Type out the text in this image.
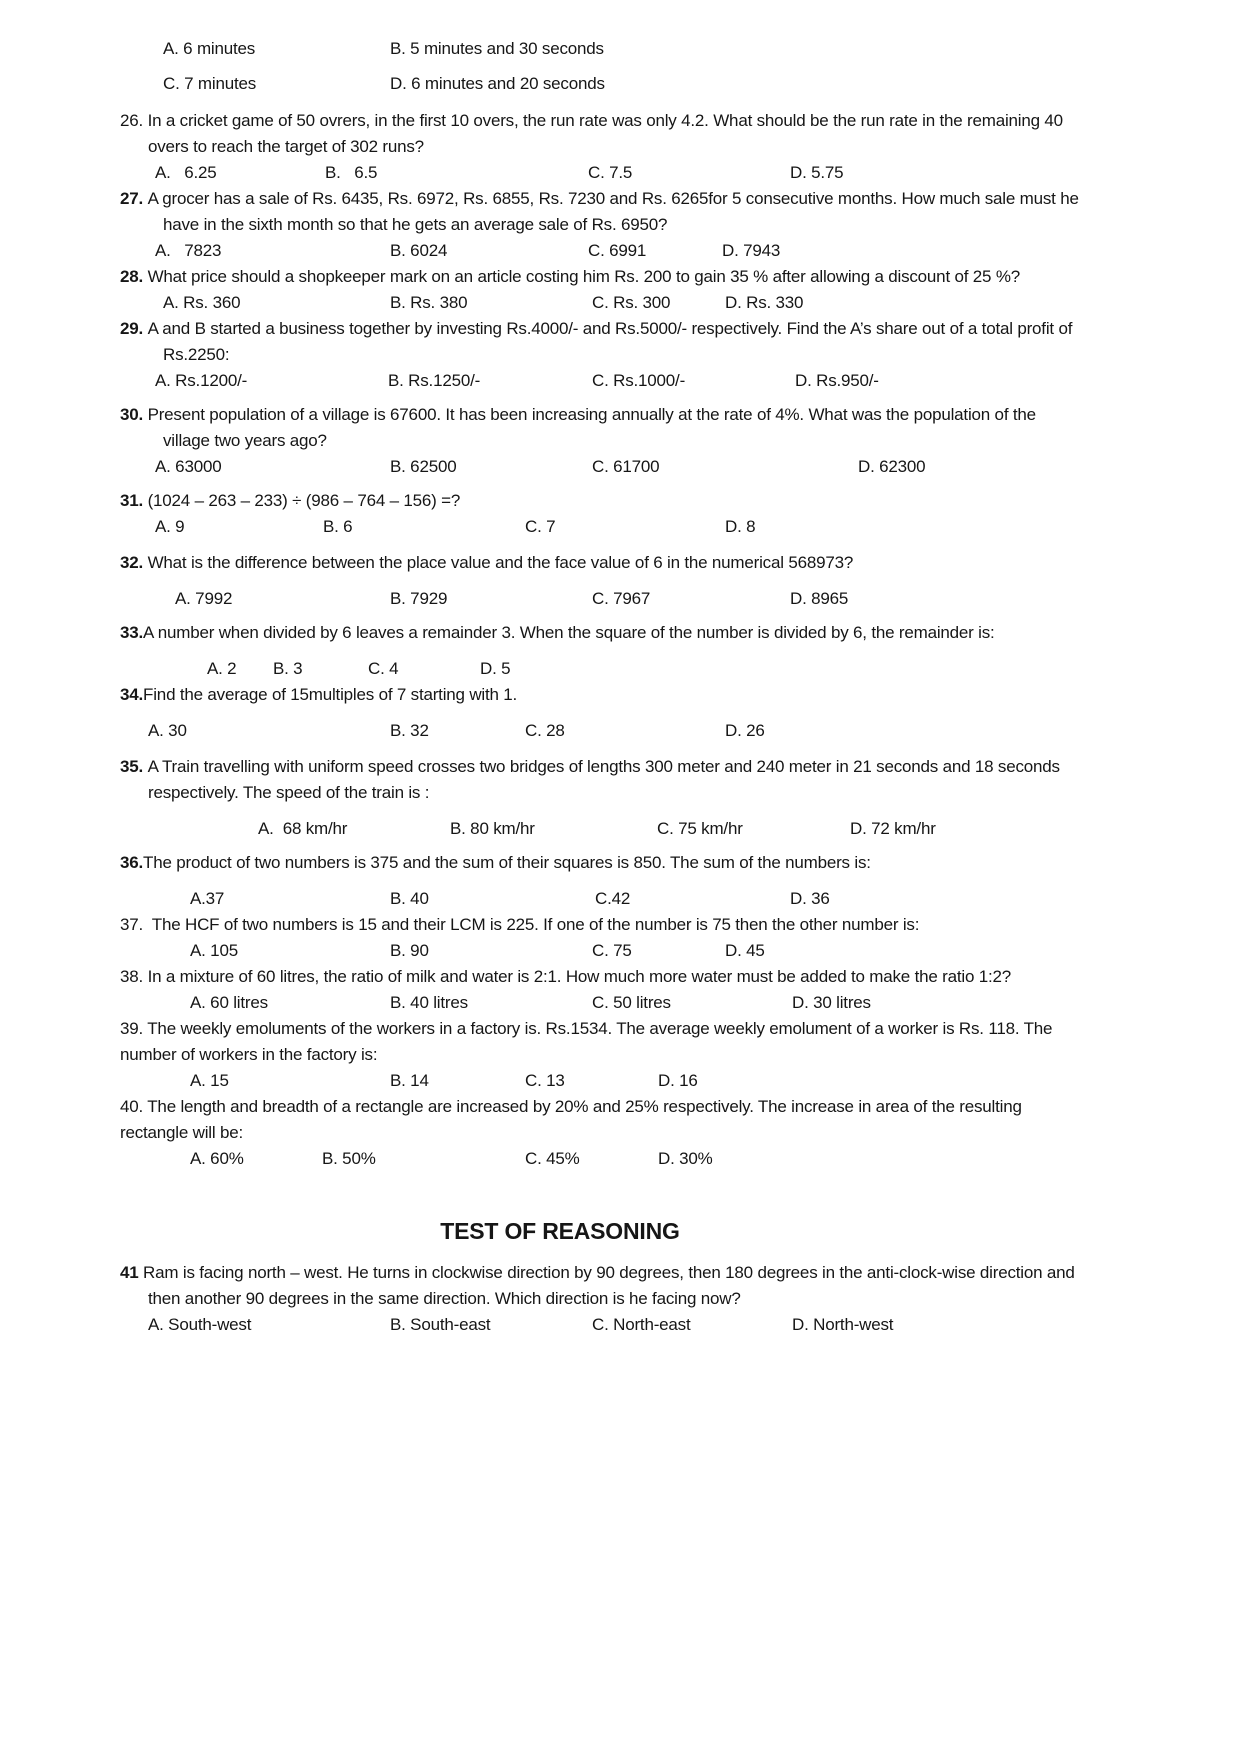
A. 6 minutes	B. 5 minutes and 30 seconds
C. 7 minutes	D. 6 minutes and 20 seconds
26. In a cricket game of 50 ovrers, in the first 10 overs, the run rate was only 4.2. What should be the run rate in the remaining 40 overs to reach the target of 302 runs?
A.   6.25	B.   6.5	C. 7.5	D. 5.75
27. A grocer has a sale of Rs. 6435, Rs. 6972, Rs. 6855, Rs. 7230 and Rs. 6265for 5 consecutive months. How much sale must he have in the sixth month so that he gets an average sale of Rs. 6950?
A.   7823	B. 6024	C. 6991	D. 7943
28. What price should a shopkeeper mark on an article costing him Rs. 200 to gain 35 % after allowing a discount of 25 %?
A. Rs. 360	B. Rs. 380	C. Rs. 300	D. Rs. 330
29. A and B started a business together by investing Rs.4000/- and Rs.5000/- respectively. Find the A’s share out of a total profit of Rs.2250:
A. Rs.1200/-	B. Rs.1250/-	C. Rs.1000/-	D. Rs.950/-
30. Present population of a village is 67600. It has been increasing annually at the rate of 4%. What was the population of the village two years ago?
A. 63000	B. 62500	C. 61700	D. 62300
31. (1024 – 263 – 233) ÷ (986 – 764 – 156) =?
A. 9	B. 6	C. 7	D. 8
32. What is the difference between the place value and the face value of 6 in the numerical 568973?
A. 7992	B. 7929	C. 7967	D. 8965
33.A number when divided by 6 leaves a remainder 3. When the square of the number is divided by 6, the remainder is:
A. 2 B. 3	C. 4	D. 5
34.Find the average of 15multiples of 7 starting with 1.
A. 30	B. 32	C. 28	D. 26
35. A Train travelling with uniform speed crosses two bridges of lengths 300 meter and 240 meter in 21 seconds and 18 seconds respectively. The speed of the train is :
A.  68 km/hr	B. 80 km/hr	C. 75 km/hr	D. 72 km/hr
36.The product of two numbers is 375 and the sum of their squares is 850. The sum of the numbers is:
A.37	B. 40	C.42	D. 36
37.  The HCF of two numbers is 15 and their LCM is 225. If one of the number is 75 then the other number is:
A. 105	B. 90	C. 75	D. 45
38. In a mixture of 60 litres, the ratio of milk and water is 2:1. How much more water must be added to make the ratio 1:2?
A. 60 litres	B. 40 litres	C. 50 litres	D. 30 litres
39. The weekly emoluments of the workers in a factory is. Rs.1534. The average weekly emolument of a worker is Rs. 118. The number of workers in the factory is:
A. 15	B. 14	C. 13	D. 16
40. The length and breadth of a rectangle are increased by 20% and 25% respectively. The increase in area of the resulting rectangle will be:
A. 60%	B. 50%	C. 45%	D. 30%
TEST OF REASONING
41 Ram is facing north – west. He turns in clockwise direction by 90 degrees, then 180 degrees in the anti-clock-wise direction and then another 90 degrees in the same direction. Which direction is he facing now?
A. South-west	B. South-east	C. North-east	D. North-west
